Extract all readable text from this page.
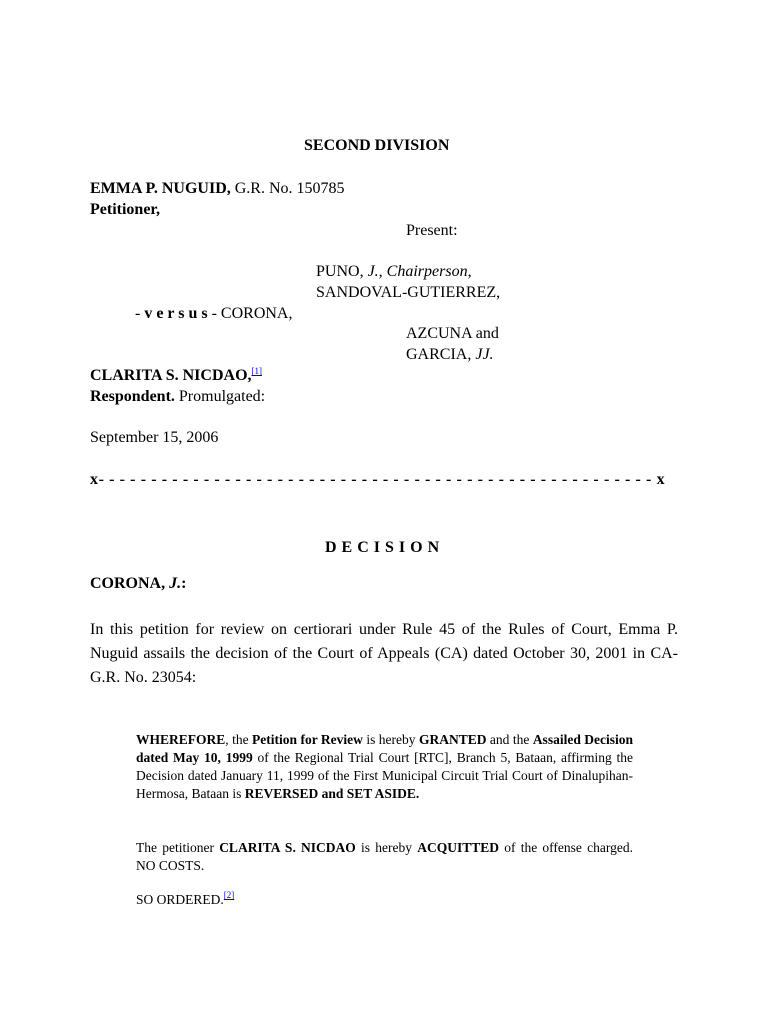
SECOND DIVISION
EMMA P. NUGUID, G.R. No. 150785
Petitioner,
Present:
PUNO, J., Chairperson,
SANDOVAL-GUTIERREZ,
- v e r s u s - CORONA,
AZCUNA and
GARCIA, JJ.
CLARITA S. NICDAO,[1]
Respondent. Promulgated:
September 15, 2006
x- - - - - - - - - - - - - - - - - - - - - - - - - - - - - - - - - - - - - - - - - - - - - - - - - - - - - x
D E C I S I O N
CORONA, J.:
In this petition for review on certiorari under Rule 45 of the Rules of Court, Emma P. Nuguid assails the decision of the Court of Appeals (CA) dated October 30, 2001 in CA-G.R. No. 23054:
WHEREFORE, the Petition for Review is hereby GRANTED and the Assailed Decision dated May 10, 1999 of the Regional Trial Court [RTC], Branch 5, Bataan, affirming the Decision dated January 11, 1999 of the First Municipal Circuit Trial Court of Dinalupihan-Hermosa, Bataan is REVERSED and SET ASIDE.
The petitioner CLARITA S. NICDAO is hereby ACQUITTED of the offense charged. NO COSTS.
SO ORDERED.[2]
